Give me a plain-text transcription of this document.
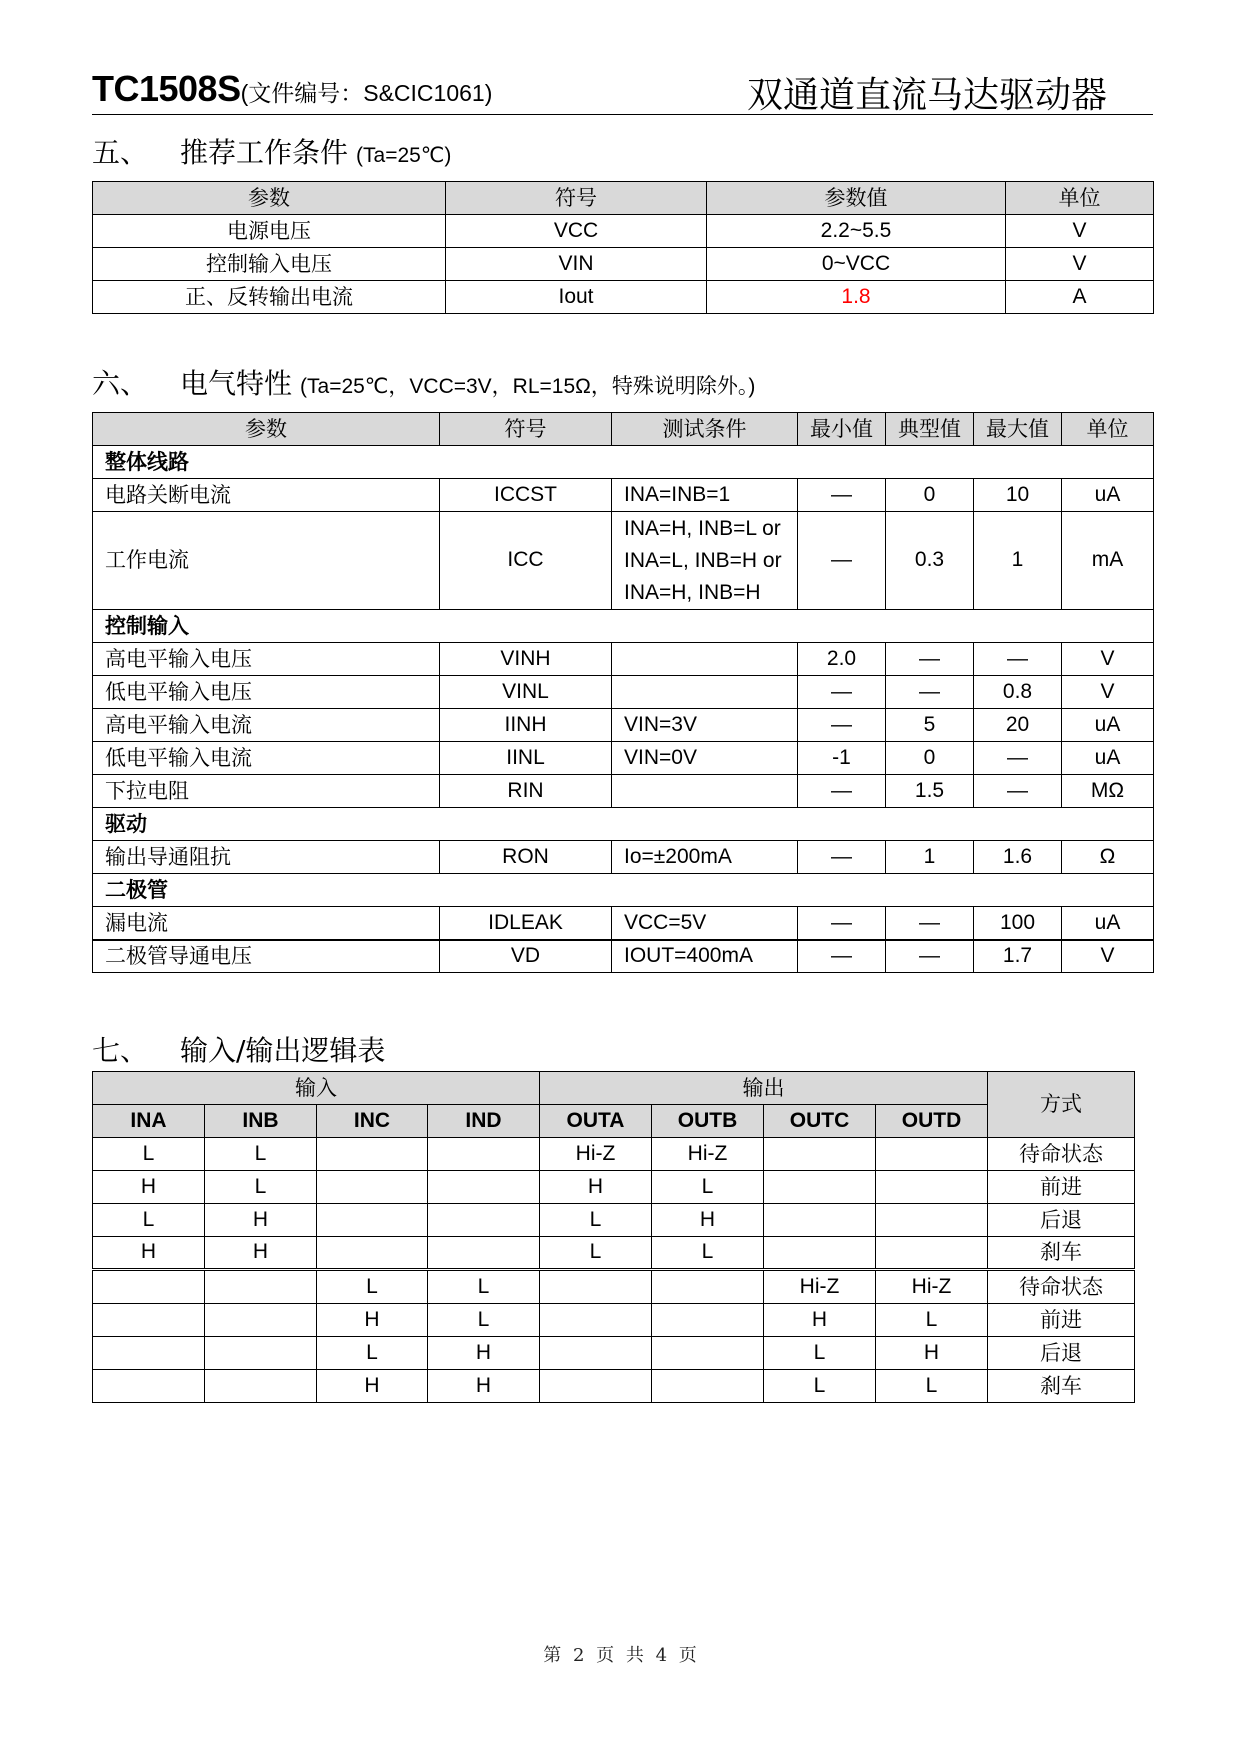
TC1508S(文件编号：S&CIC1061)	双通道直流马达驱动器
五、 推荐工作条件 (Ta=25℃)
参数	符号	参数值	单位
电源电压	VCC	2.2~5.5	V
控制输入电压	VIN	0~VCC	V
正、反转输出电流	Iout	1.8	A
六、 电气特性 (Ta=25℃，VCC=3V，RL=15Ω，特殊说明除外。)
参数	符号	测试条件	最小值	典型值	最大值	单位
整体线路						
电路关断电流	ICCST	INA=INB=1	—	0	10	uA
工作电流	ICC	INA=H, INB=L or
INA=L, INB=H or
INA=H, INB=H	—	0.3	1	mA
控制输入						
高电平输入电压	VINH		2.0	—	—	V
低电平输入电压	VINL		—	—	0.8	V
高电平输入电流	IINH	VIN=3V	—	5	20	uA
低电平输入电流	IINL	VIN=0V	-1	0	—	uA
下拉电阻	RIN		—	1.5	—	MΩ
驱动						
输出导通阻抗	RON	Io=±200mA	—	1	1.6	Ω
二极管						
漏电流	IDLEAK	VCC=5V	—	—	100	uA
二极管导通电压	VD	IOUT=400mA	—	—	1.7	V
七、 输入/输出逻辑表
输入				输出				方式
INA	INB	INC	IND	OUTA	OUTB	OUTC	OUTD	
L	L			Hi-Z	Hi-Z			待命状态
H	L			H	L			前进
L	H			L	H			后退
H	H			L	L			刹车
		L	L			Hi-Z	Hi-Z	待命状态
		H	L			H	L	前进
		L	H			L	H	后退
		H	H			L	L	刹车
第 2 页 共 4 页
